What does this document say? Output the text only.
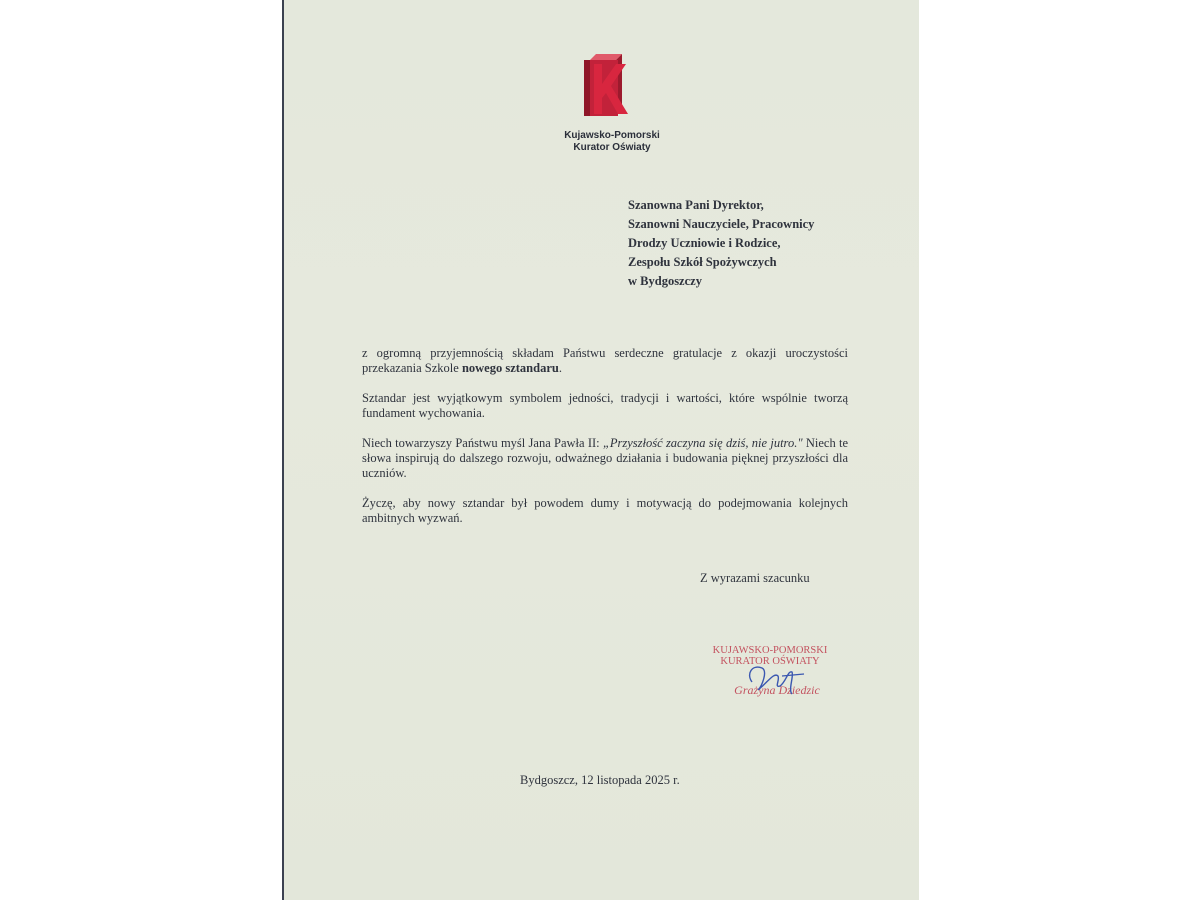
Kujawsko-Pomorski
Kurator Oświaty
Szanowna Pani Dyrektor,
Szanowni Nauczyciele, Pracownicy
Drodzy Uczniowie i Rodzice,
Zespołu Szkół Spożywczych
w Bydgoszczy

z ogromną przyjemnością składam Państwu serdeczne gratulacje z okazji uroczystości przekazania Szkole nowego sztandaru.

Sztandar jest wyjątkowym symbolem jedności, tradycji i wartości, które wspólnie tworzą fundament wychowania.

Niech towarzyszy Państwu myśl Jana Pawła II: „Przyszłość zaczyna się dziś, nie jutro." Niech te słowa inspirują do dalszego rozwoju, odważnego działania i budowania pięknej przyszłości dla uczniów.

Życzę, aby nowy sztandar był powodem dumy i motywacją do podejmowania kolejnych ambitnych wyzwań.

Z wyrazami szacunku
KUJAWSKO-POMORSKI
KURATOR OŚWIATY
Grażyna Dziedzic
Bydgoszcz, 12 listopada 2025 r.
